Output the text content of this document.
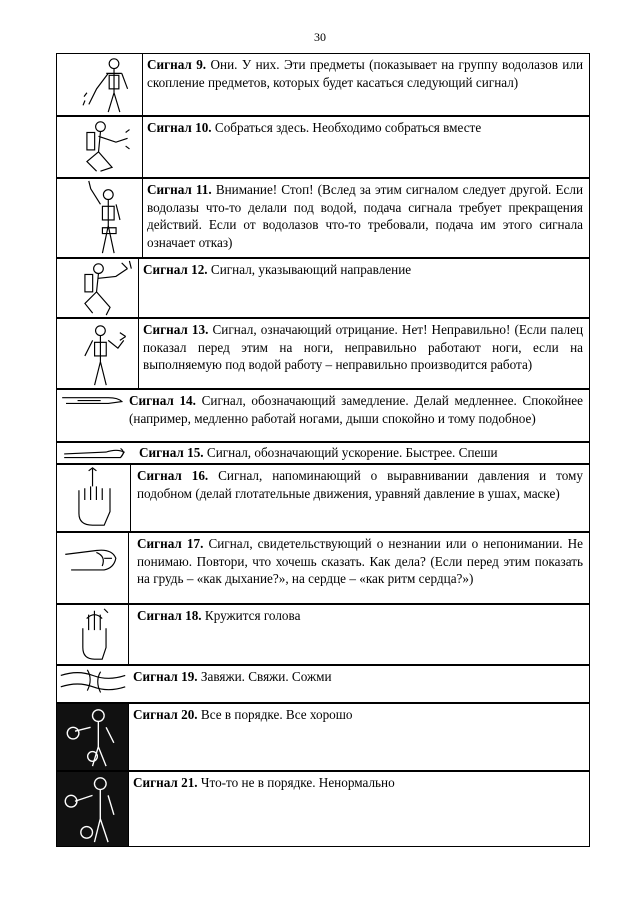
30
Сигнал 9. Они. У них. Эти предметы (показывает на группу водолазов или скопление предметов, которых будет касаться следующий сигнал)
Сигнал 10. Собраться здесь. Необходимо собраться вместе
Сигнал 11. Внимание! Стоп! (Вслед за этим сигналом следует другой. Если водолазы что-то делали под водой, подача сигнала требует прекращения действий. Если от водолазов что-то требовали, подача им этого сигнала означает отказ)
Сигнал 12. Сигнал, указывающий направление
Сигнал 13. Сигнал, означающий отрицание. Нет! Неправильно! (Если палец показал перед этим на ноги, неправильно работают ноги, если на выполняемую под водой работу – неправильно производится работа)
Сигнал 14. Сигнал, обозначающий замедление. Делай медленнее. Спокойнее (например, медленно работай ногами, дыши спокойно и тому подобное)
Сигнал 15. Сигнал, обозначающий ускорение. Быстрее. Спеши
Сигнал 16. Сигнал, напоминающий о выравнивании давления и тому подобном (делай глотательные движения, уравняй давление в ушах, маске)
Сигнал 17. Сигнал, свидетельствующий о незнании или о непонимании. Не понимаю. Повтори, что хочешь сказать. Как дела? (Если перед этим показать на грудь – «как дыхание?», на сердце – «как ритм сердца?»)
Сигнал 18. Кружится голова
Сигнал 19. Завяжи. Свяжи. Сожми
Сигнал 20. Все в порядке. Все хорошо
Сигнал 21. Что-то не в порядке. Ненормально
